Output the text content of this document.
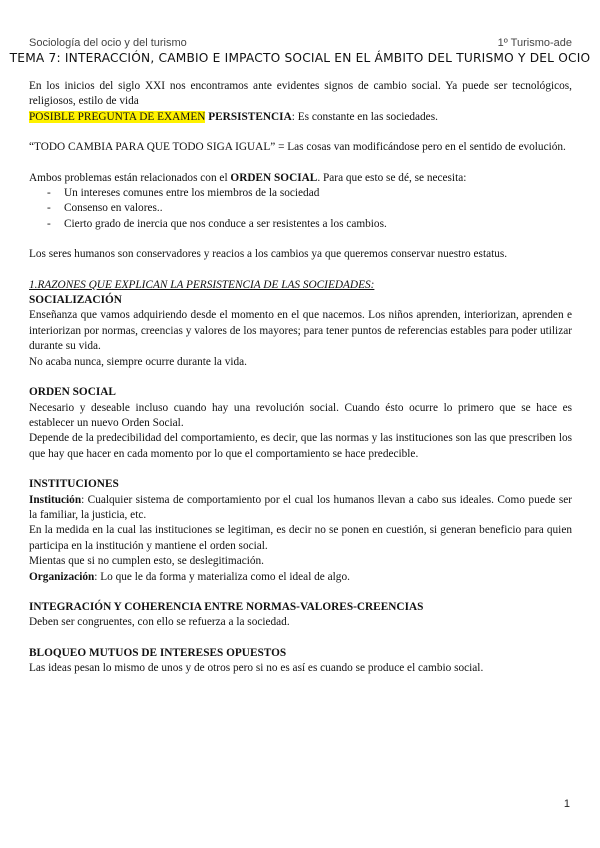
Sociología del ocio y del turismo	1º Turismo-ade
TEMA 7: INTERACCIÓN, CAMBIO E IMPACTO SOCIAL EN EL ÁMBITO DEL TURISMO Y DEL OCIO

En los inicios del siglo XXI nos encontramos ante evidentes signos de cambio social. Ya puede ser tecnológicos, religiosos, estilo de vida

POSIBLE PREGUNTA DE EXAMEN PERSISTENCIA: Es constante en las sociedades.

“TODO CAMBIA PARA QUE TODO SIGA IGUAL” = Las cosas van modificándose pero en el sentido de evolución.

Ambos problemas están relacionados con el ORDEN SOCIAL. Para que esto se dé, se necesita:

- Un intereses comunes entre los miembros de la sociedad
- Consenso en valores..
- Cierto grado de inercia que nos conduce a ser resistentes a los cambios.

Los seres humanos son conservadores y reacios a los cambios ya que queremos conservar nuestro estatus.

1.RAZONES QUE EXPLICAN LA PERSISTENCIA DE LAS SOCIEDADES:

SOCIALIZACIÓN

Enseñanza que vamos adquiriendo desde el momento en el que nacemos. Los niños aprenden, interiorizan, aprenden e interiorizan por normas, creencias y valores de los mayores; para tener puntos de referencias estables para poder utilizar durante su vida.

No acaba nunca, siempre ocurre durante la vida.

ORDEN SOCIAL

Necesario y deseable incluso cuando hay una revolución social. Cuando ésto ocurre lo primero que se hace es establecer un nuevo Orden Social.

Depende de la predecibilidad del comportamiento, es decir, que las normas y las instituciones son las que prescriben los que hay que hacer en cada momento por lo que el comportamiento se hace predecible.

INSTITUCIONES

Institución: Cualquier sistema de comportamiento por el cual los humanos llevan a cabo sus ideales. Como puede ser la familiar, la justicia, etc.

En la medida en la cual las instituciones se legitiman, es decir no se ponen en cuestión, si generan beneficio para quien participa en la institución y mantiene el orden social.

Mientas que si no cumplen esto, se deslegitimación.

Organización: Lo que le da forma y materializa como el ideal de algo.

INTEGRACIÓN Y COHERENCIA ENTRE NORMAS-VALORES-CREENCIAS

Deben ser congruentes, con ello se refuerza a la sociedad.

BLOQUEO MUTUOS DE INTERESES OPUESTOS

Las ideas pesan lo mismo de unos y de otros pero si no es así es cuando se produce el cambio social.

1
